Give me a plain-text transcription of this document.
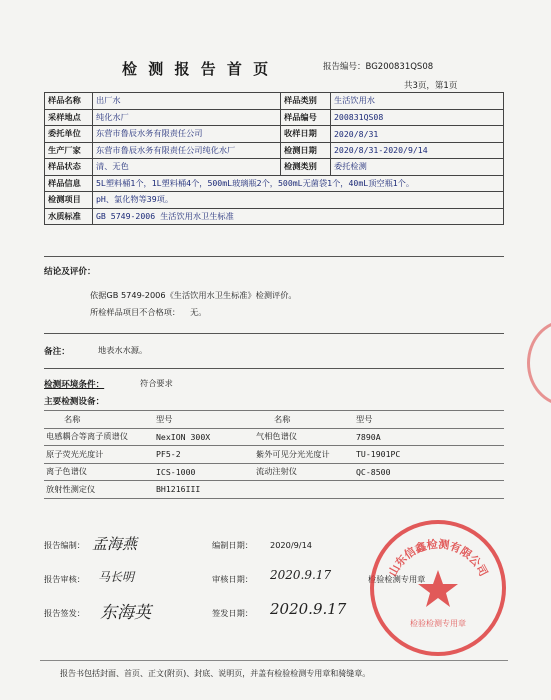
检 测 报 告 首 页	报告编号：BG200831QS08
共3页，第1页
样品名称	出厂水	样品类别	生活饮用水
采样地点	纯化水厂	样品编号	200831QS08
委托单位	东营市鲁辰水务有限责任公司	收样日期	2020/8/31
生产厂家	东营市鲁辰水务有限责任公司纯化水厂	检测日期	2020/8/31-2020/9/14
样品状态	清、无色	检测类别	委托检测
样品信息	5L塑料桶1个，1L塑料桶4个，500mL玻璃瓶2个，500mL无菌袋1个，40mL顶空瓶1个。		
检测项目	pH、氯化物等39项。		
水质标准	GB 5749-2006 生活饮用水卫生标准		
结论及评价：
依据GB 5749-2006《生活饮用水卫生标准》检测评价。
所检样品项目不合格项： 无。
备注：	地表水水源。
检测环境条件：	符合要求
主要检测设备：
名称	型号	名称	型号
电感耦合等离子质谱仪	NexION 300X	气相色谱仪	7890A
原子荧光光度计	PF5-2	紫外可见分光光度计	TU-1901PC
离子色谱仪	ICS-1000	流动注射仪	QC-8500
放射性测定仪	BH1216III		
报告编制： 孟海燕	编制日期： 2020/9/14
报告审核： 马长明	审核日期： 2020.9.17	检验检测专用章
报告签发： 东海英	签发日期： 2020.9.17
山东信鑫检测有限公司
检验检测专用章
报告书包括封面、首页、正文(附页)、封底、说明页，并盖有检验检测专用章和骑缝章。
